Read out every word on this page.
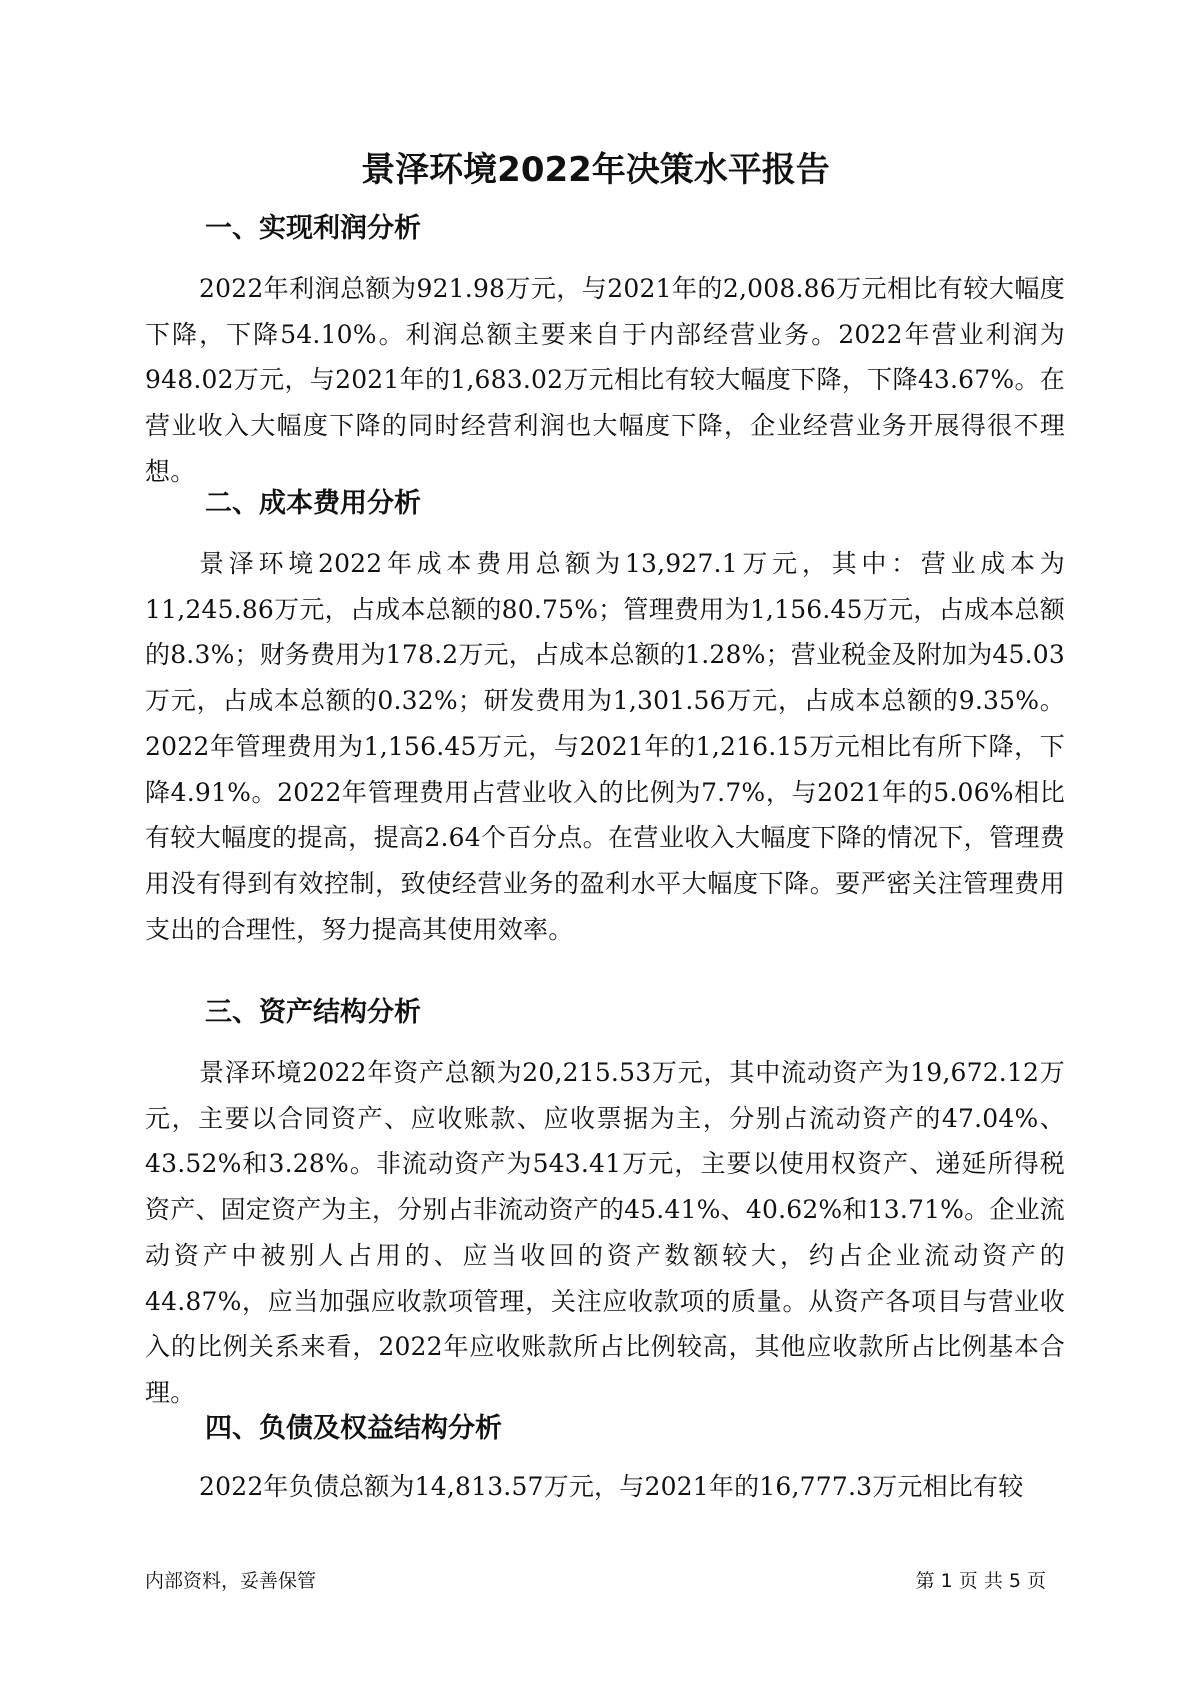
景泽环境2022年决策水平报告
一、实现利润分析

2022年利润总额为921.98万元，与2021年的2,008.86万元相比有较大幅度下降，下降54.10%。利润总额主要来自于内部经营业务。2022年营业利润为948.02万元，与2021年的1,683.02万元相比有较大幅度下降，下降43.67%。在营业收入大幅度下降的同时经营利润也大幅度下降，企业经营业务开展得很不理想。

二、成本费用分析

景泽环境2022年成本费用总额为13,927.1万元，其中：营业成本为11,245.86万元，占成本总额的80.75%；管理费用为1,156.45万元，占成本总额的8.3%；财务费用为178.2万元，占成本总额的1.28%；营业税金及附加为45.03万元，占成本总额的0.32%；研发费用为1,301.56万元，占成本总额的9.35%。2022年管理费用为1,156.45万元，与2021年的1,216.15万元相比有所下降，下降4.91%。2022年管理费用占营业收入的比例为7.7%，与2021年的5.06%相比有较大幅度的提高，提高2.64个百分点。在营业收入大幅度下降的情况下，管理费用没有得到有效控制，致使经营业务的盈利水平大幅度下降。要严密关注管理费用支出的合理性，努力提高其使用效率。

三、资产结构分析

景泽环境2022年资产总额为20,215.53万元，其中流动资产为19,672.12万元，主要以合同资产、应收账款、应收票据为主，分别占流动资产的47.04%、43.52%和3.28%。非流动资产为543.41万元，主要以使用权资产、递延所得税资产、固定资产为主，分别占非流动资产的45.41%、40.62%和13.71%。企业流动资产中被别人占用的、应当收回的资产数额较大，约占企业流动资产的44.87%，应当加强应收款项管理，关注应收款项的质量。从资产各项目与营业收入的比例关系来看，2022年应收账款所占比例较高，其他应收款所占比例基本合理。

四、负债及权益结构分析

2022年负债总额为14,813.57万元，与2021年的16,777.3万元相比有较

内部资料，妥善保管	第 1 页 共 5 页
